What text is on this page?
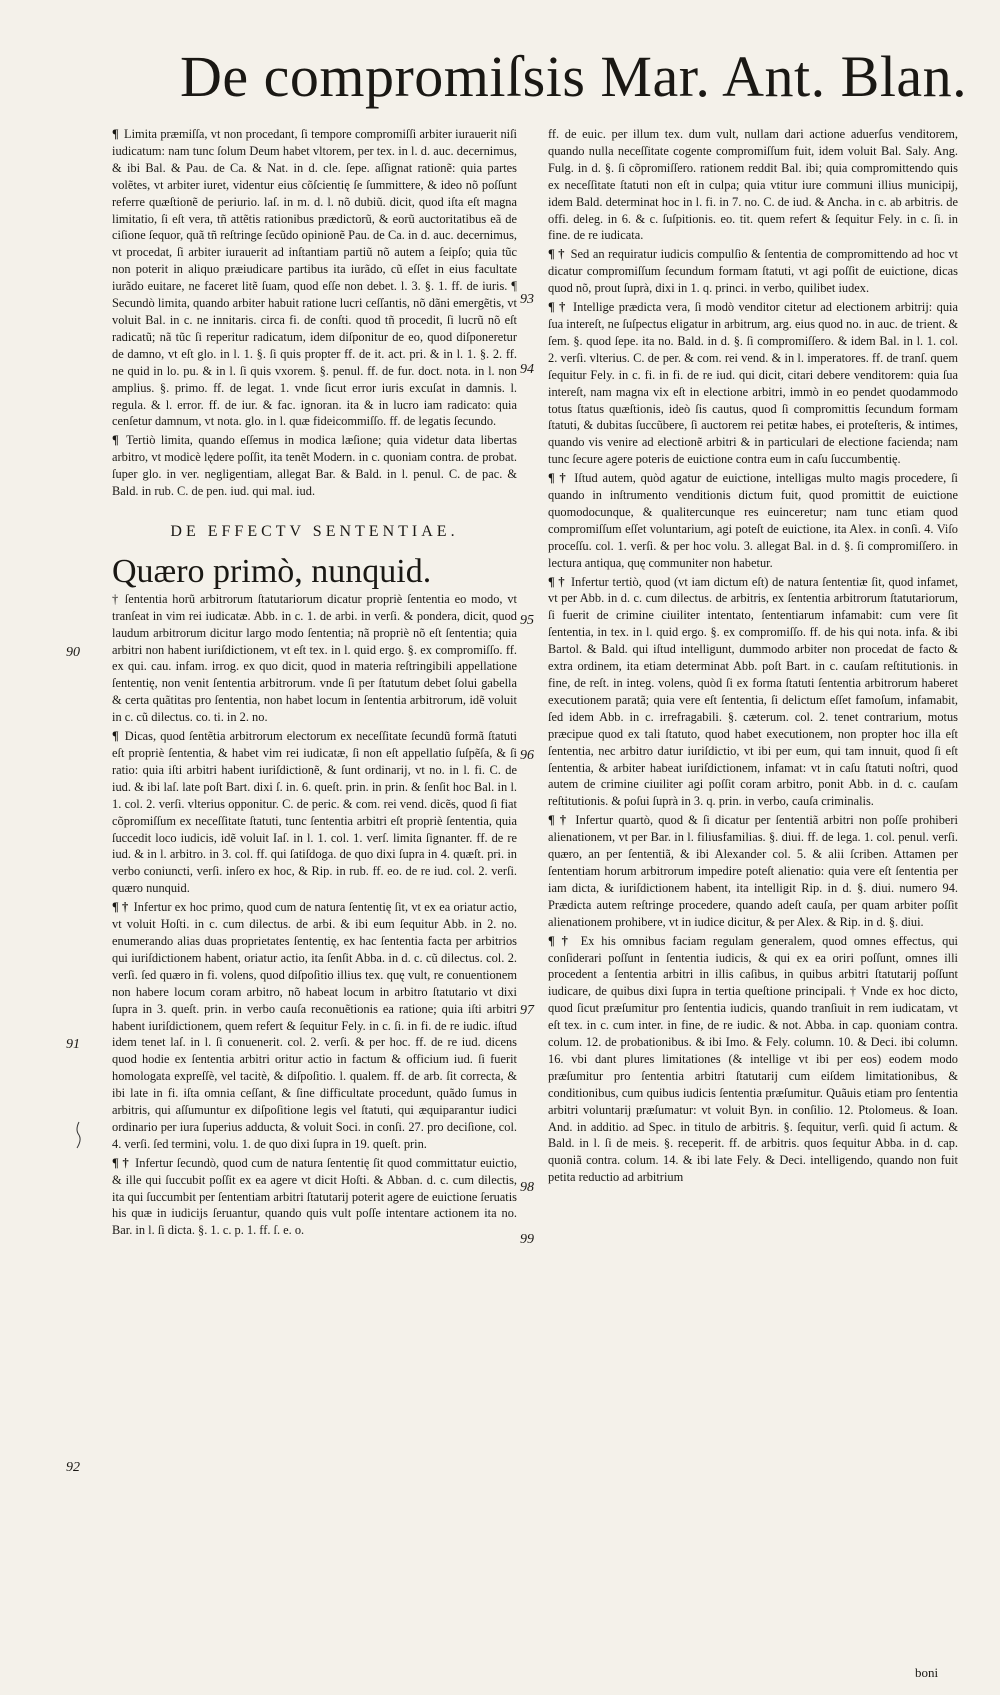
De compromiſsis Mar. Ant. Blan.

¶ Limita præmiſſa, vt non procedant, ſi tempore compromiſſi arbiter iurauerit niſi iudicatum: nam tunc ſolum Deum habet vltorem, per tex. in l. d. auc. decernimus, & ibi Bal. & Pau. de Ca. & Nat. in d. cle. ſepe. aſſignat rationẽ: quia partes volẽtes, vt arbiter iuret, videntur eius cõſcientię ſe ſummittere, & ideo nõ poſſunt referre quæſtionẽ de periurio. laſ. in m. d. l. nõ dubiũ. dicit, quod iſta eſt magna limitatio, ſi eſt vera, tñ attẽtis rationibus prædictorũ, & eorũ auctoritatibus eã de ciſione ſequor, quã tñ reſtringe ſecũdo opinionẽ Pau. de Ca. in d. auc. decernimus, vt procedat, ſi arbiter iurauerit ad inſtantiam partiũ nõ autem a ſeipſo; quia tũc non poterit in aliquo præiudicare partibus ita iurãdo, cũ eſſet in eius facultate iurãdo euitare, ne faceret litẽ ſuam, quod eſſe non debet. l. 3. §. 1. ff. de iuris. ¶ Secundò limita, quando arbiter habuit ratione lucri ceſſantis, nõ dãni emergẽtis, vt voluit Bal. in c. ne innitaris. circa fi. de conſti. quod tñ procedit, ſi lucrũ nõ eſt radicatũ; nã tũc ſi reperitur radicatum, idem diſponitur de eo, quod diſponeretur de damno, vt eſt glo. in l. 1. §. ſi quis propter ff. de it. act. pri. & in l. 1. §. 2. ff. ne quid in lo. pu. & in l. ſi quis vxorem. §. penul. ff. de fur. doct. nota. in l. non amplius. §. primo. ff. de legat. 1. vnde ſicut error iuris excuſat in damnis. l. regula. & l. error. ff. de iur. & fac. ignoran. ita & in lucro iam radicato: quia cenſetur damnum, vt nota. glo. in l. quæ fideicommiſſo. ff. de legatis ſecundo.

¶ Tertiò limita, quando eſſemus in modica læſione; quia videtur data libertas arbitro, vt modicè lędere poſſit, ita tenẽt Modern. in c. quoniam contra. de probat. ſuper glo. in ver. negligentiam, allegat Bar. & Bald. in l. penul. C. de pac. & Bald. in rub. C. de pen. iud. qui mal. iud.

DE EFFECTV SENTENTIAE.
Quæro primò, nunquid.

† ſententia horũ arbitrorum ſtatutariorum dicatur propriè ſententia eo modo, vt tranſeat in vim rei iudicatæ. Abb. in c. 1. de arbi. in verſi. & pondera, dicit, quod laudum arbitrorum dicitur largo modo ſententia; nã propriè nõ eſt ſententia; quia arbitri non habent iuriſdictionem, vt eſt tex. in l. quid ergo. §. ex compromiſſo. ff. ex qui. cau. infam. irrog. ex quo dicit, quod in materia reſtringibili appellatione ſententię, non venit ſententia arbitrorum. vnde ſi per ſtatutum debet ſolui gabella & certa quãtitas pro ſententia, non habet locum in ſententia arbitrorum, idẽ voluit in c. cũ dilectus. co. ti. in 2. no.

¶ Dicas, quod ſentẽtia arbitrorum electorum ex neceſſitate ſecundũ formã ſtatuti eſt propriè ſententia, & habet vim rei iudicatæ, ſi non eſt appellatio ſuſpẽſa, & ſi ratio: quia iſti arbitri habent iuriſdictionẽ, & ſunt ordinarij, vt no. in l. fi. C. de iud. & ibi laſ. late poſt Bart. dixi ſ. in. 6. queſt. prin. in prin. & ſenſit hoc Bal. in l. 1. col. 2. verſi. vlterius opponitur. C. de peric. & com. rei vend. dicẽs, quod ſi fiat cõpromiſſum ex neceſſitate ſtatuti, tunc ſententia arbitri eſt propriè ſententia, quia ſuccedit loco iudicis, idẽ voluit Iaſ. in l. 1. col. 1. verſ. limita ſignanter. ff. de re iud. & in l. arbitro. in 3. col. ff. qui ſatiſdoga. de quo dixi ſupra in 4. quæſt. pri. in verbo coniuncti, verſi. inſero ex hoc, & Rip. in rub. ff. eo. de re iud. col. 2. verſi. quæro nunquid.

¶ † Infertur ex hoc primo, quod cum de natura ſententię ſit, vt ex ea oriatur actio, vt voluit Hoſti. in c. cum dilectus. de arbi. & ibi eum ſequitur Abb. in 2. no. enumerando alias duas proprietates ſententię, ex hac ſententia facta per arbitrios qui iuriſdictionem habent, oriatur actio, ita ſenſit Abba. in d. c. cũ dilectus. col. 2. verſi. ſed quæro in fi. volens, quod diſpoſitio illius tex. quę vult, re conuentionem non habere locum coram arbitro, nõ habeat locum in arbitro ſtatutario vt dixi ſupra in 3. queſt. prin. in verbo cauſa reconuẽtionis ea ratione; quia iſti arbitri habent iuriſdictionem, quem refert & ſequitur Fely. in c. ſi. in fi. de re iudic. iſtud idem tenet laſ. in l. ſi conuenerit. col. 2. verſi. & per hoc. ff. de re iud. dicens quod hodie ex ſententia arbitri oritur actio in factum & officium iud. ſi fuerit homologata expreſſè, vel tacitè, & diſpoſitio. l. qualem. ff. de arb. ſit correcta, & ibi late in fi. iſta omnia ceſſant, & ſine difficultate procedunt, quãdo ſumus in arbitris, qui aſſumuntur ex diſpoſitione legis vel ſtatuti, qui æquiparantur iudici ordinario per iura ſuperius adducta, & voluit Soci. in conſi. 27. pro deciſione, col. 4. verſi. ſed termini, volu. 1. de quo dixi ſupra in 19. queſt. prin.

¶ † Infertur ſecundò, quod cum de natura ſententię ſit quod committatur euictio, & ille qui ſuccubit poſſit ex ea agere vt dicit Hoſti. & Abban. d. c. cum dilectis, ita qui ſuccumbit per ſententiam arbitri ſtatutarij poterit agere de euictione ſeruatis his quæ in iudicijs ſeruantur, quando quis vult poſſe intentare actionem ita no. Bar. in l. ſi dicta. §. 1. c. p. 1. ff. ſ. e. o.

ff. de euic. per illum tex. dum vult, nullam dari actione aduerſus venditorem, quando nulla neceſſitate cogente compromiſſum fuit, idem voluit Bal. Saly. Ang. Fulg. in d. §. ſi cõpromiſſero. rationem reddit Bal. ibi; quia compromittendo quis ex neceſſitate ſtatuti non eſt in culpa; quia vtitur iure communi illius municipij, idem Bald. determinat hoc in l. fi. in 7. no. C. de iud. & Ancha. in c. ab arbitris. de offi. deleg. in 6. & c. ſuſpitionis. eo. tit. quem refert & ſequitur Fely. in c. ſi. in fine. de re iudicata.

¶ † Sed an requiratur iudicis compulſio & ſententia de compromittendo ad hoc vt dicatur compromiſſum ſecundum formam ſtatuti, vt agi poſſit de euictione, dicas quod nõ, prout ſuprà, dixi in 1. q. princi. in verbo, quilibet iudex.

¶ † Intellige prædicta vera, ſi modò venditor citetur ad electionem arbitrij: quia ſua intereſt, ne ſuſpectus eligatur in arbitrum, arg. eius quod no. in auc. de trient. & ſem. §. quod ſepe. ita no. Bald. in d. §. ſi compromiſſero. & idem Bal. in l. 1. col. 2. verſi. vlterius. C. de per. & com. rei vend. & in l. imperatores. ff. de tranſ. quem ſequitur Fely. in c. fi. in fi. de re iud. qui dicit, citari debere venditorem: quia ſua intereſt, nam magna vix eſt in electione arbitri, immò in eo pendet quodammodo totus ſtatus quæſtionis, ideò ſis cautus, quod ſi compromittis ſecundum formam ſtatuti, & dubitas ſuccũbere, ſi auctorem rei petitæ habes, ei proteſteris, & intimes, quando vis venire ad electionẽ arbitri & in particulari de electione facienda; nam tunc ſecure agere poteris de euictione contra eum in caſu ſuccumbentię.

¶ † Iſtud autem, quòd agatur de euictione, intelligas multo magis procedere, ſi quando in inſtrumento venditionis dictum fuit, quod promittit de euictione quomodocunque, & qualitercunque res euinceretur; nam tunc etiam quod compromiſſum eſſet voluntarium, agi poteſt de euictione, ita Alex. in conſi. 4. Viſo proceſſu. col. 1. verſi. & per hoc volu. 3. allegat Bal. in d. §. ſi compromiſſero. in lectura antiqua, quę communiter non habetur.

¶ † Infertur tertiò, quod (vt iam dictum eſt) de natura ſententiæ ſit, quod infamet, vt per Abb. in d. c. cum dilectus. de arbitris, ex ſententia arbitrorum ſtatutariorum, ſi fuerit de crimine ciuiliter intentato, ſententiarum infamabit: cum vere ſit ſententia, in tex. in l. quid ergo. §. ex compromiſſo. ff. de his qui nota. infa. & ibi Bartol. & Bald. qui iſtud intelligunt, dummodo arbiter non procedat de facto & extra ordinem, ita etiam determinat Abb. poſt Bart. in c. cauſam reſtitutionis. in fine, de reſt. in integ. volens, quòd ſi ex forma ſtatuti ſententia arbitrorum haberet executionem paratã; quia vere eſt ſententia, ſi delictum eſſet famoſum, infamabit, ſed idem Abb. in c. irrefragabili. §. cæterum. col. 2. tenet contrarium, motus præcipue quod ex tali ſtatuto, quod habet executionem, non propter hoc illa eſt ſententia, nec arbitro datur iuriſdictio, vt ibi per eum, qui tam innuit, quod ſi eſt ſententia, & arbiter habeat iuriſdictionem, infamat: vt in caſu ſtatuti noſtri, quod autem de crimine ciuiliter agi poſſit coram arbitro, ponit Abb. in d. c. cauſam reſtitutionis. & poſui ſuprà in 3. q. prin. in verbo, cauſa criminalis.

¶ † Infertur quartò, quod & ſi dicatur per ſententiã arbitri non poſſe prohiberi alienationem, vt per Bar. in l. filiusfamilias. §. diui. ff. de lega. 1. col. penul. verſi. quæro, an per ſententiã, & ibi Alexander col. 5. & alii ſcriben. Attamen per ſententiam horum arbitrorum impedire poteſt alienatio: quia vere eſt ſententia per iam dicta, & iuriſdictionem habent, ita intelligit Rip. in d. §. diui. numero 94. Prædicta autem reſtringe procedere, quando adeſt cauſa, per quam arbiter poſſit alienationem prohibere, vt in iudice dicitur, & per Alex. & Rip. in d. §. diui.

¶ † Ex his omnibus faciam regulam generalem, quod omnes effectus, qui conſiderari poſſunt in ſententia iudicis, & qui ex ea oriri poſſunt, omnes illi procedent a ſententia arbitri in illis caſibus, in quibus arbitri ſtatutarij poſſunt iudicare, de quibus dixi ſupra in tertia queſtione principali. † Vnde ex hoc dicto, quod ſicut præſumitur pro ſententia iudicis, quando tranſiuit in rem iudicatam, vt eſt tex. in c. cum inter. in fine, de re iudic. & not. Abba. in cap. quoniam contra. colum. 12. de probationibus. & ibi Imo. & Fely. column. 10. & Deci. ibi column. 16. vbi dant plures limitationes (& intellige vt ibi per eos) eodem modo præſumitur pro ſententia arbitri ſtatutarij cum eiſdem limitationibus, & conditionibus, cum quibus iudicis ſententia præſumitur. Quãuis etiam pro ſententia arbitri voluntarij præſumatur: vt voluit Byn. in conſilio. 12. Ptolomeus. & Ioan. And. in additio. ad Spec. in titulo de arbitris. §. ſequitur, verſi. quid ſi actum. & Bald. in l. ſi de meis. §. receperit. ff. de arbitris. quos ſequitur Abba. in d. cap. quoniã contra. colum. 14. & ibi late Fely. & Deci. intelligendo, quando non fuit petita reductio ad arbitrium

90
91
92
93
94
95
96
97
98
99
boni
